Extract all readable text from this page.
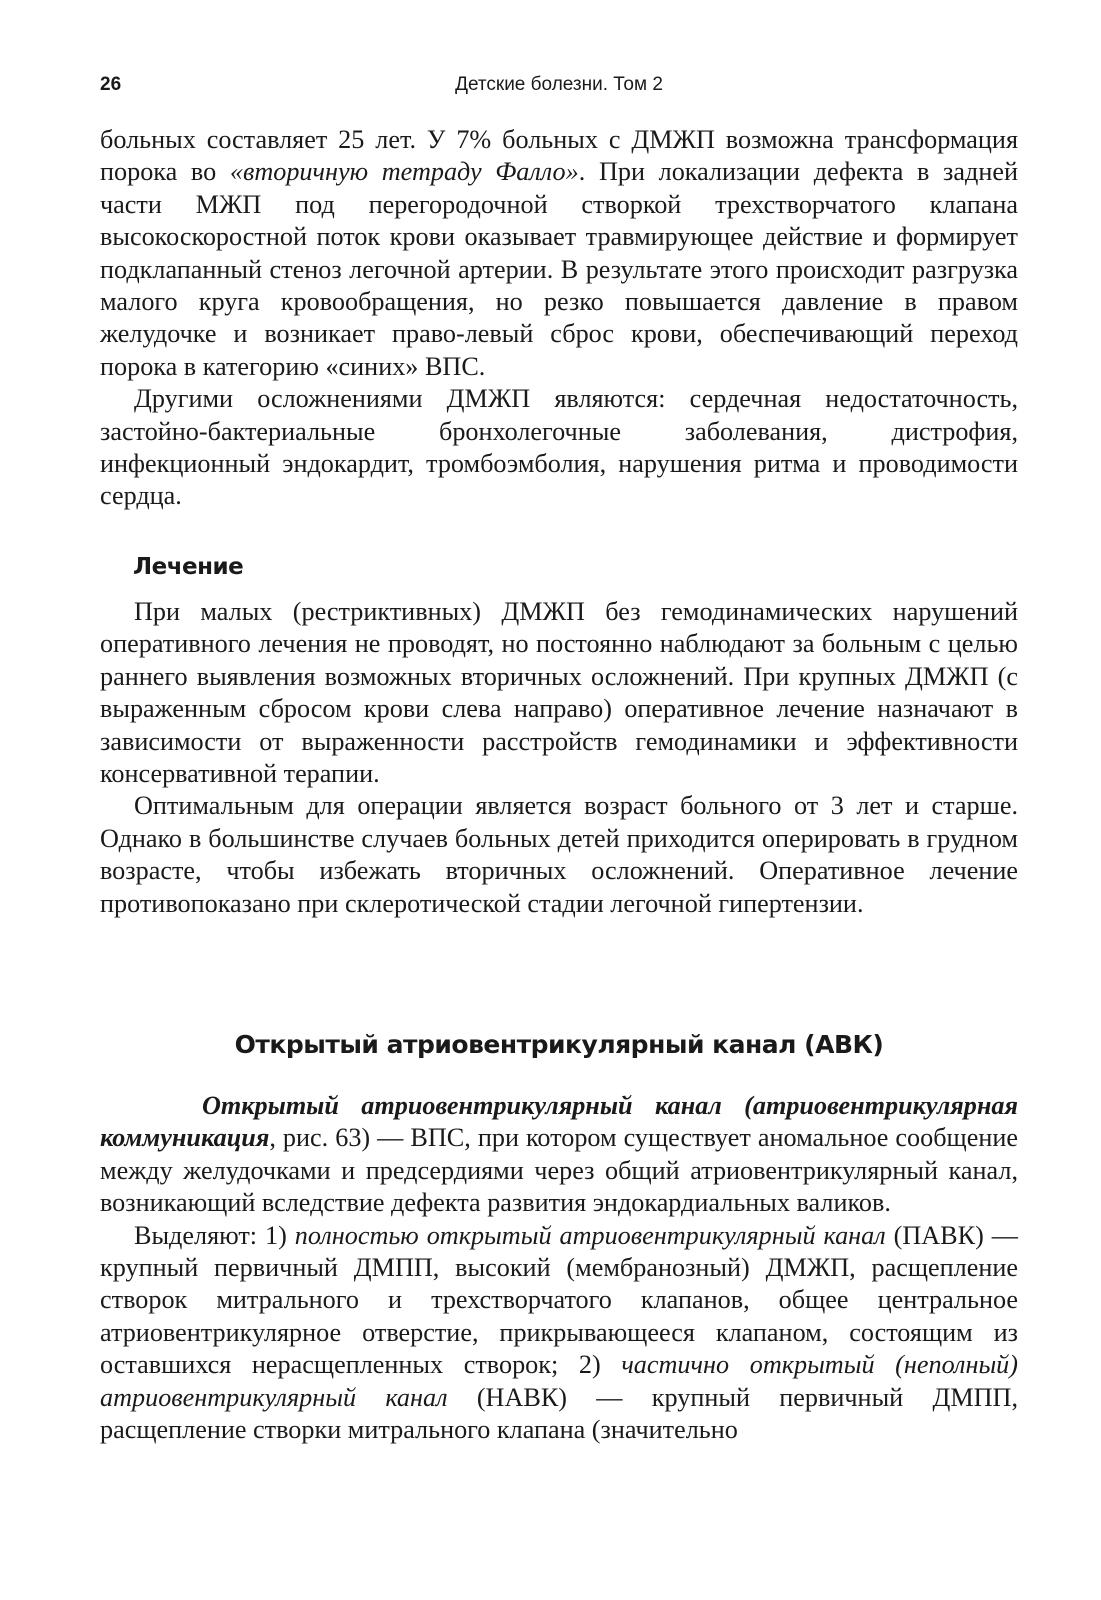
26	Детские болезни. Том 2

больных составляет 25 лет. У 7% больных с ДМЖП возможна трансформация порока во «вторичную тетраду Фалло». При локализации дефекта в задней части МЖП под перегородочной створкой трехстворчатого клапана высокоскоростной поток крови оказывает травмирующее действие и формирует подклапанный стеноз легочной артерии. В результате этого происходит разгрузка малого круга кровообращения, но резко повышается давление в правом желудочке и возникает право-левый сброс крови, обеспечивающий переход порока в категорию «синих» ВПС.

Другими осложнениями ДМЖП являются: сердечная недостаточность, застойно-бактериальные бронхолегочные заболевания, дистрофия, инфекционный эндокардит, тромбоэмболия, нарушения ритма и проводимости сердца.

Лечение

При малых (рестриктивных) ДМЖП без гемодинамических нарушений оперативного лечения не проводят, но постоянно наблюдают за больным с целью раннего выявления возможных вторичных осложнений. При крупных ДМЖП (с выраженным сбросом крови слева направо) оперативное лечение назначают в зависимости от выраженности расстройств гемодинамики и эффективности консервативной терапии.

Оптимальным для операции является возраст больного от 3 лет и старше. Однако в большинстве случаев больных детей приходится оперировать в грудном возрасте, чтобы избежать вторичных осложнений. Оперативное лечение противопоказано при склеротической стадии легочной гипертензии.

Открытый атриовентрикулярный канал (АВК)

Открытый атриовентрикулярный канал (атриовентрикулярная коммуникация, рис. 63) — ВПС, при котором существует аномальное сообщение между желудочками и предсердиями через общий атриовентрикулярный канал, возникающий вследствие дефекта развития эндокардиальных валиков.

Выделяют: 1) полностью открытый атриовентрикулярный канал (ПАВК) — крупный первичный ДМПП, высокий (мембранозный) ДМЖП, расщепление створок митрального и трехстворчатого клапанов, общее центральное атриовентрикулярное отверстие, прикрывающееся клапаном, состоящим из оставшихся нерасщепленных створок; 2) частично открытый (неполный) атриовентрикулярный канал (НАВК) — крупный первичный ДМПП, расщепление створки митрального клапана (значительно
